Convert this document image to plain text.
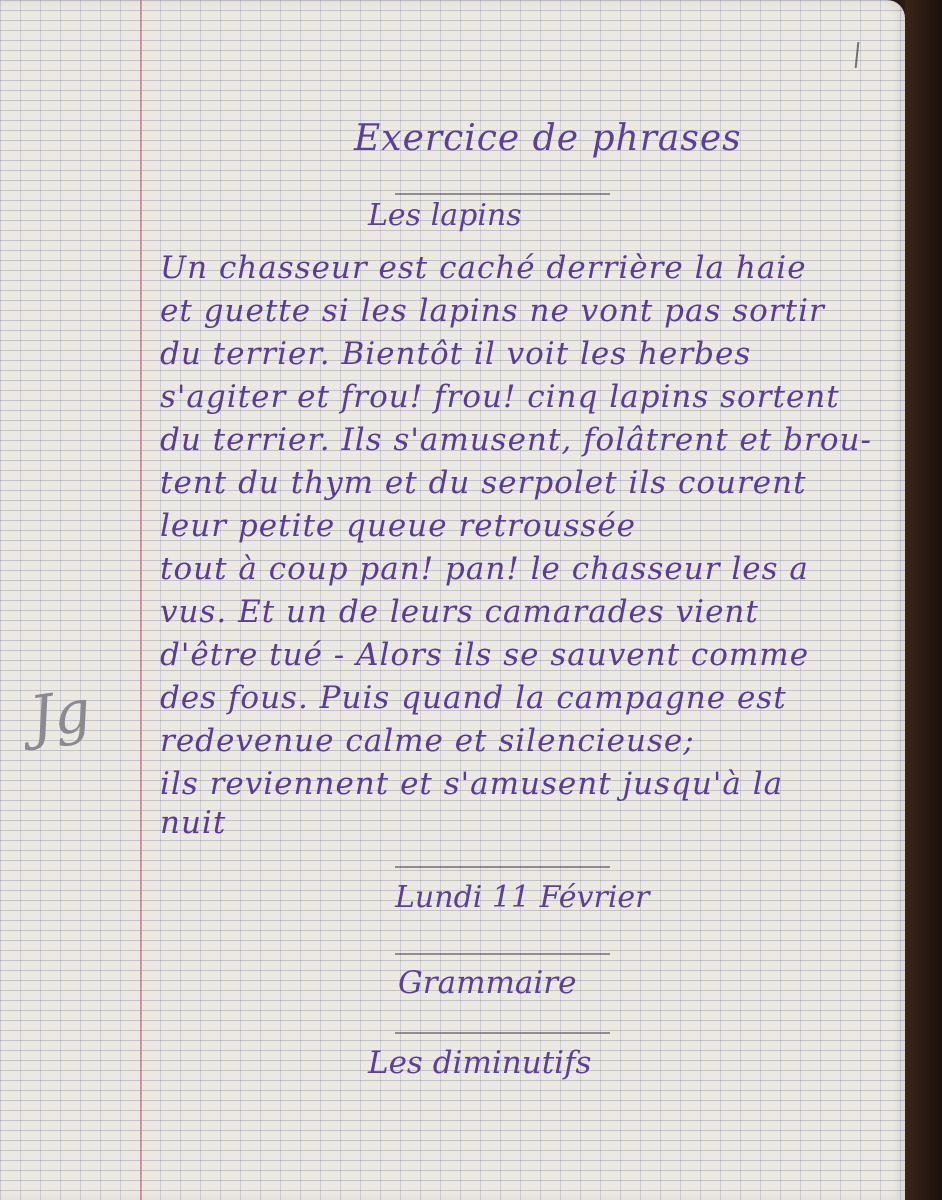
Exercice de phrases
Les lapins
Un chasseur est caché derrière la haie
et guette si les lapins ne vont pas sortir
du terrier. Bientôt il voit les herbes
s'agiter et frou! frou! cinq lapins sortent
du terrier. Ils s'amusent, folâtrent et brou-
tent du thym et du serpolet ils courent
leur petite queue retroussée
tout à coup pan! pan! le chasseur les a
vus. Et un de leurs camarades vient
d'être tué - Alors ils se sauvent comme
des fous. Puis quand la campagne est
redevenue calme et silencieuse;
ils reviennent et s'amusent jusqu'à la
nuit
Lundi 11 Février
Grammaire
Les diminutifs
Jg
